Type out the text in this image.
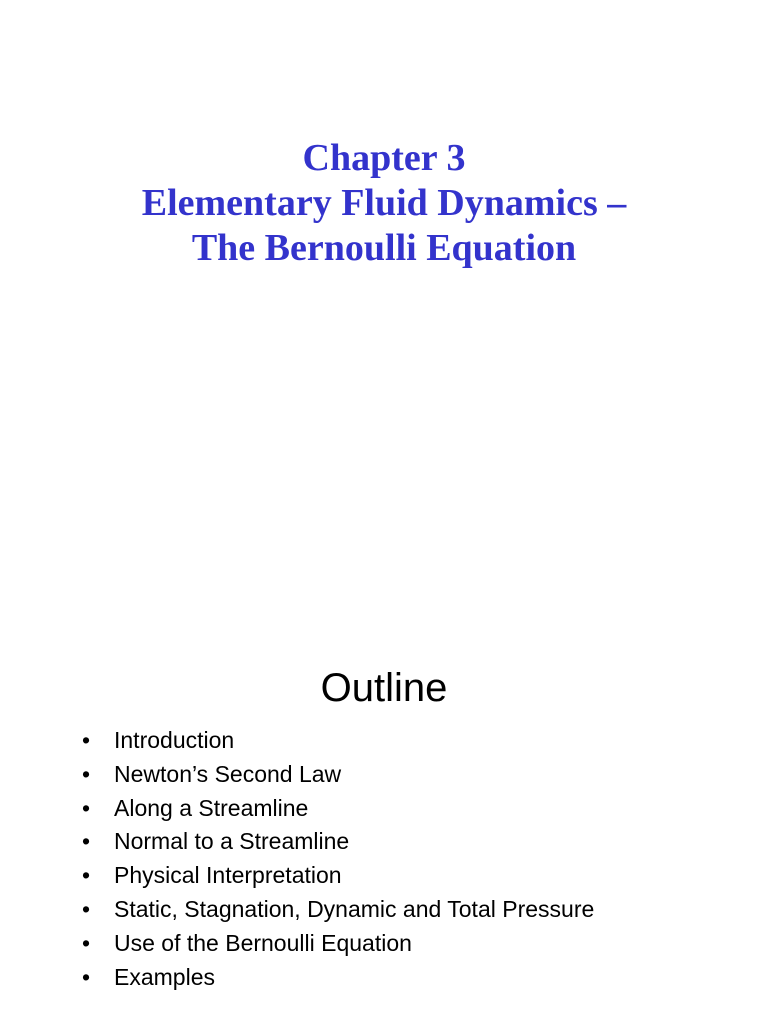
Chapter 3
Elementary Fluid Dynamics –
The Bernoulli Equation
Outline
• Introduction
• Newton’s Second Law
• Along a Streamline
• Normal to a Streamline
• Physical Interpretation
• Static, Stagnation, Dynamic and Total Pressure
• Use of the Bernoulli Equation
• Examples
